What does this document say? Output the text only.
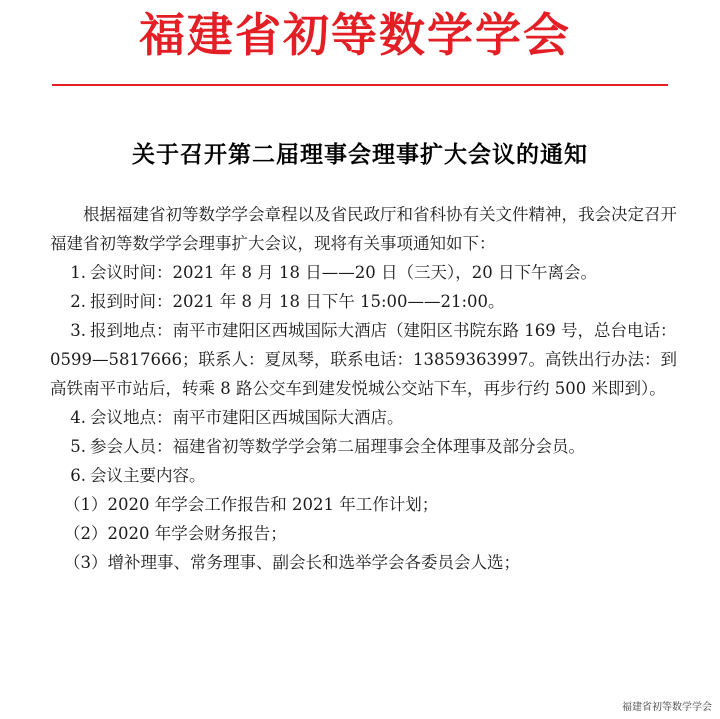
福建省初等数学学会
关于召开第二届理事会理事扩大会议的通知

根据福建省初等数学学会章程以及省民政厅和省科协有关文件精神，我会决定召开福建省初等数学学会理事扩大会议，现将有关事项通知如下：

1. 会议时间：2021 年 8 月 18 日——20 日（三天），20 日下午离会。

2. 报到时间：2021 年 8 月 18 日下午 15:00——21:00。

3. 报到地点：南平市建阳区西城国际大酒店（建阳区书院东路 169 号，总台电话：0599—5817666；联系人：夏凤琴，联系电话：13859363997。高铁出行办法：到高铁南平市站后，转乘 8 路公交车到建发悦城公交站下车，再步行约 500 米即到）。

4. 会议地点：南平市建阳区西城国际大酒店。

5. 参会人员：福建省初等数学学会第二届理事会全体理事及部分会员。

6. 会议主要内容。

（1）2020 年学会工作报告和 2021 年工作计划；

（2）2020 年学会财务报告；

（3）增补理事、常务理事、副会长和选举学会各委员会人选；

福建省初等数学学会
